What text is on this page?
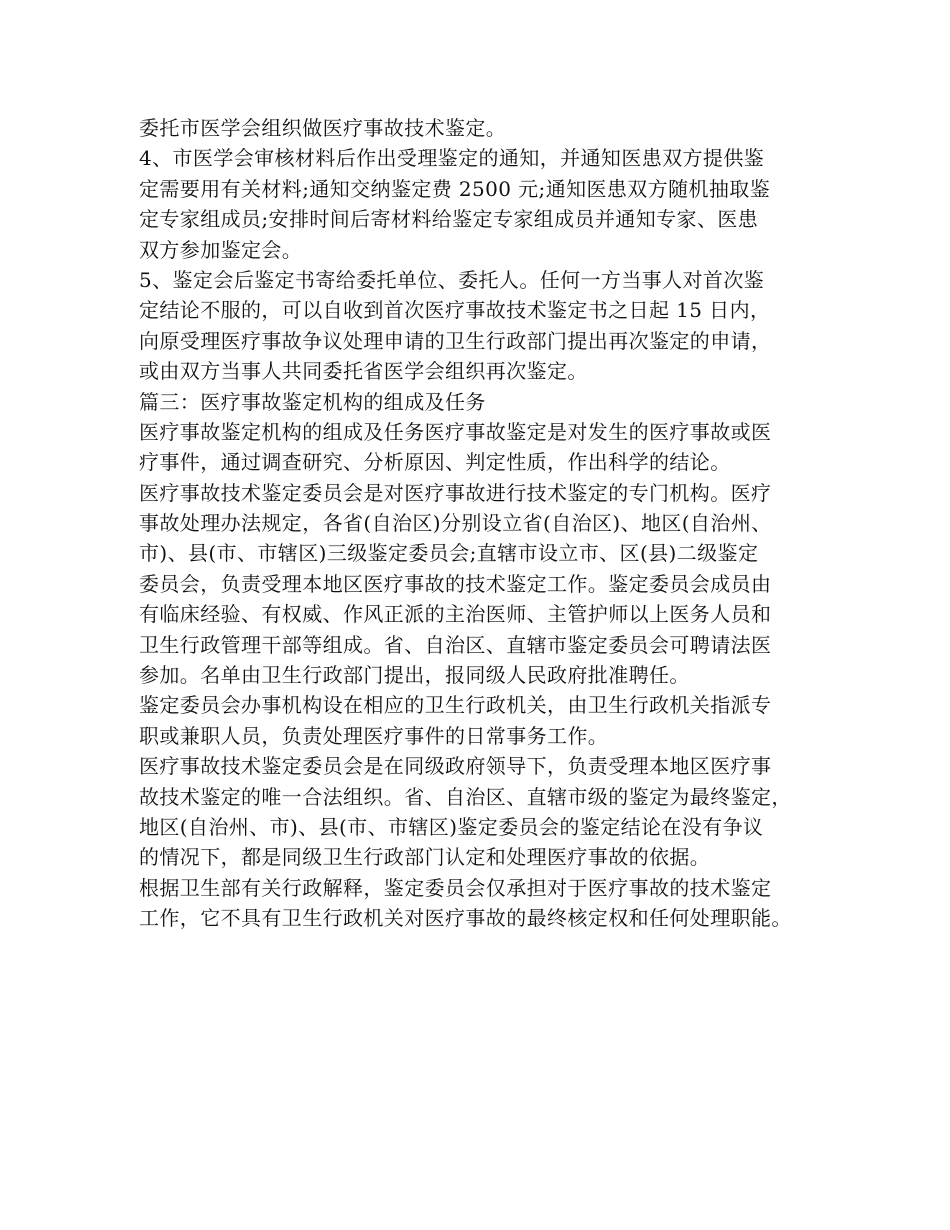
委托市医学会组织做医疗事故技术鉴定。
4、市医学会审核材料后作出受理鉴定的通知，并通知医患双方提供鉴
定需要用有关材料;通知交纳鉴定费 2500 元;通知医患双方随机抽取鉴
定专家组成员;安排时间后寄材料给鉴定专家组成员并通知专家、医患
双方参加鉴定会。
5、鉴定会后鉴定书寄给委托单位、委托人。任何一方当事人对首次鉴
定结论不服的，可以自收到首次医疗事故技术鉴定书之日起 15 日内，
向原受理医疗事故争议处理申请的卫生行政部门提出再次鉴定的申请，
或由双方当事人共同委托省医学会组织再次鉴定。
篇三：医疗事故鉴定机构的组成及任务
医疗事故鉴定机构的组成及任务医疗事故鉴定是对发生的医疗事故或医
疗事件，通过调查研究、分析原因、判定性质，作出科学的结论。
医疗事故技术鉴定委员会是对医疗事故进行技术鉴定的专门机构。医疗
事故处理办法规定，各省(自治区)分别设立省(自治区)、地区(自治州、
市)、县(市、市辖区)三级鉴定委员会;直辖市设立市、区(县)二级鉴定
委员会，负责受理本地区医疗事故的技术鉴定工作。鉴定委员会成员由
有临床经验、有权威、作风正派的主治医师、主管护师以上医务人员和
卫生行政管理干部等组成。省、自治区、直辖市鉴定委员会可聘请法医
参加。名单由卫生行政部门提出，报同级人民政府批准聘任。
鉴定委员会办事机构设在相应的卫生行政机关，由卫生行政机关指派专
职或兼职人员，负责处理医疗事件的日常事务工作。
医疗事故技术鉴定委员会是在同级政府领导下，负责受理本地区医疗事
故技术鉴定的唯一合法组织。省、自治区、直辖市级的鉴定为最终鉴定，
地区(自治州、市)、县(市、市辖区)鉴定委员会的鉴定结论在没有争议
的情况下，都是同级卫生行政部门认定和处理医疗事故的依据。
根据卫生部有关行政解释，鉴定委员会仅承担对于医疗事故的技术鉴定
工作，它不具有卫生行政机关对医疗事故的最终核定权和任何处理职能。
